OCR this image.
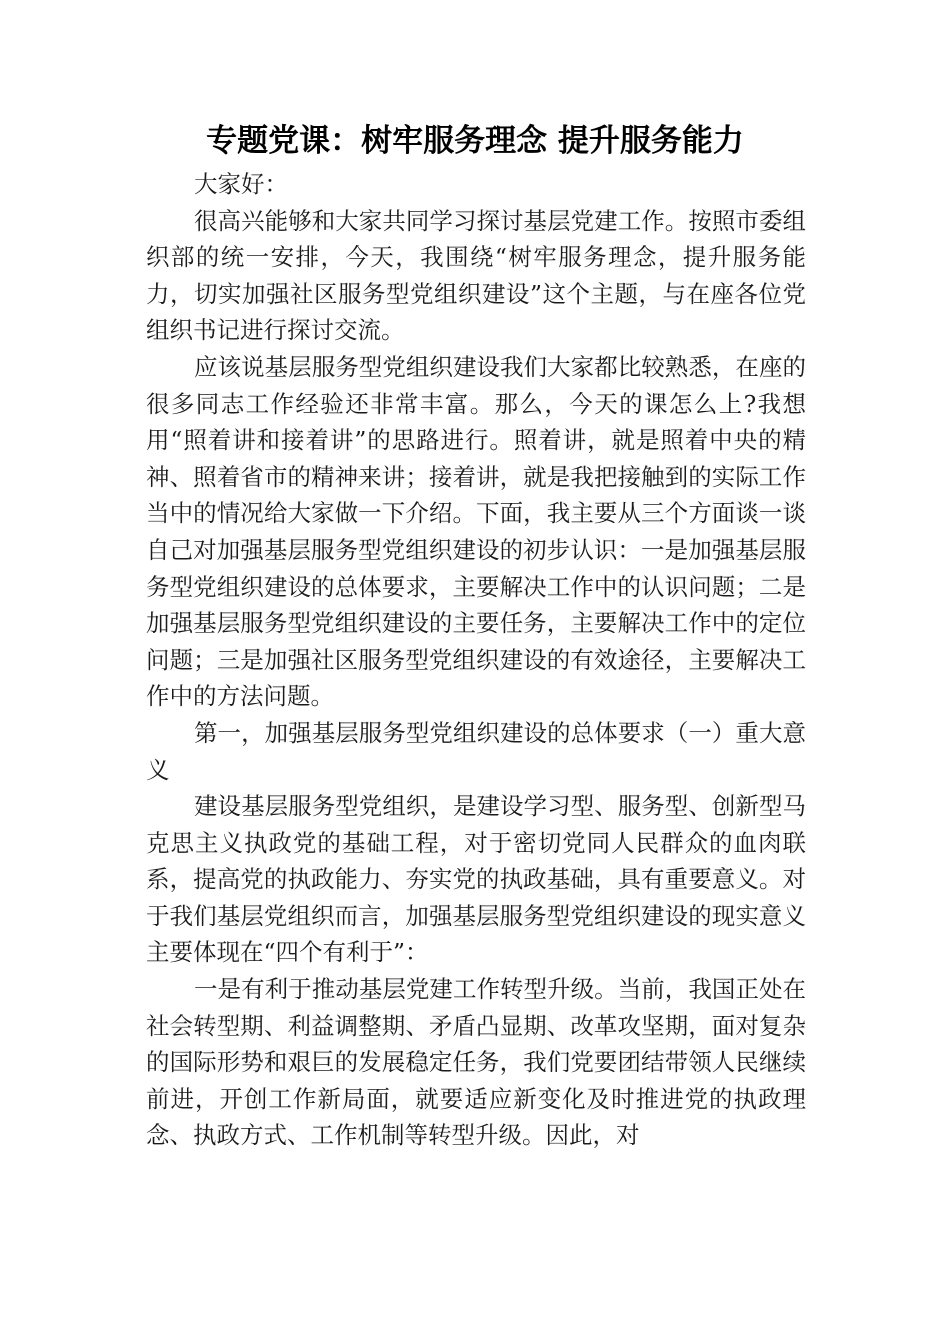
专题党课：树牢服务理念 提升服务能力

大家好：

很高兴能够和大家共同学习探讨基层党建工作。按照市委组织部的统一安排，今天，我围绕“树牢服务理念，提升服务能力，切实加强社区服务型党组织建设”这个主题，与在座各位党组织书记进行探讨交流。

应该说基层服务型党组织建设我们大家都比较熟悉，在座的很多同志工作经验还非常丰富。那么，今天的课怎么上?我想用“照着讲和接着讲”的思路进行。照着讲，就是照着中央的精神、照着省市的精神来讲；接着讲，就是我把接触到的实际工作当中的情况给大家做一下介绍。下面，我主要从三个方面谈一谈自己对加强基层服务型党组织建设的初步认识：一是加强基层服务型党组织建设的总体要求，主要解决工作中的认识问题；二是加强基层服务型党组织建设的主要任务，主要解决工作中的定位问题；三是加强社区服务型党组织建设的有效途径，主要解决工作中的方法问题。

第一，加强基层服务型党组织建设的总体要求（一）重大意义

建设基层服务型党组织，是建设学习型、服务型、创新型马克思主义执政党的基础工程，对于密切党同人民群众的血肉联系，提高党的执政能力、夯实党的执政基础，具有重要意义。对于我们基层党组织而言，加强基层服务型党组织建设的现实意义主要体现在“四个有利于”：

一是有利于推动基层党建工作转型升级。当前，我国正处在社会转型期、利益调整期、矛盾凸显期、改革攻坚期，面对复杂的国际形势和艰巨的发展稳定任务，我们党要团结带领人民继续前进，开创工作新局面，就要适应新变化及时推进党的执政理念、执政方式、工作机制等转型升级。因此，对
